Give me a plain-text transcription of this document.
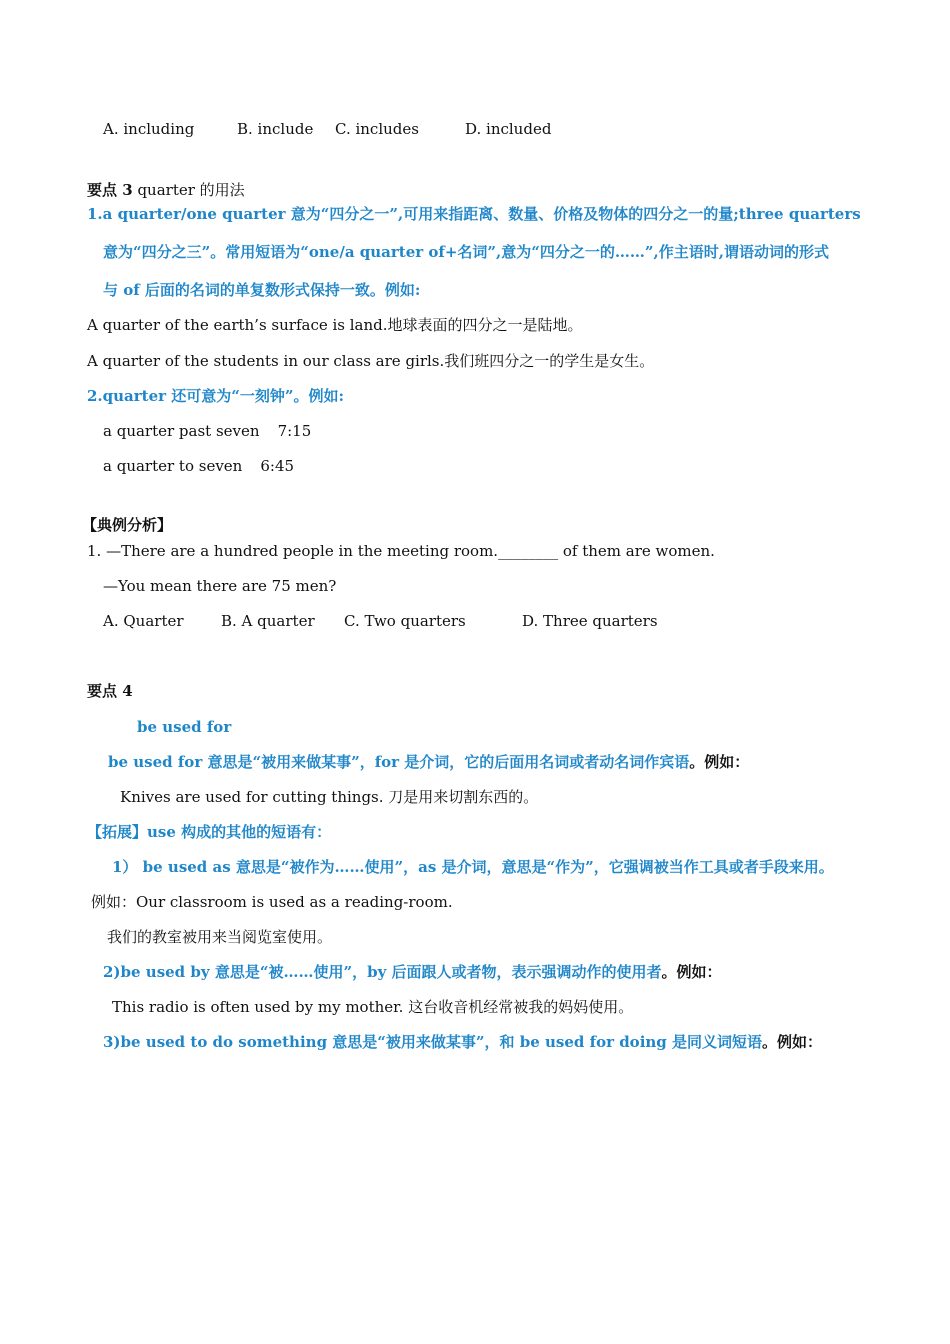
A. including	B. include C. includes	D. included
要点 3 quarter 的用法
1.a quarter/one quarter 意为“四分之一”,可用来指距离、数量、价格及物体的四分之一的量;three quarters
意为“四分之三”。常用短语为“one/a quarter of+名词”,意为“四分之一的……”,作主语时,谓语动词的形式
与 of 后面的名词的单复数形式保持一致。例如:
A quarter of the earth’s surface is land.地球表面的四分之一是陆地。
A quarter of the students in our class are girls.我们班四分之一的学生是女生。
2.quarter 还可意为“一刻钟”。例如:
a quarter past seven 7:15
a quarter to seven 6:45
【典例分析】
1. —There are a hundred people in the meeting room.________ of them are women.
—You mean there are 75 men?
A. Quarter B. A quarter C. Two quarters	D. Three quarters
要点 4
be used for
be used for 意思是“被用来做某事”，for 是介词，它的后面用名词或者动名词作宾语。例如：
Knives are used for cutting things. 刀是用来切割东西的。
【拓展】use 构成的其他的短语有：
1） be used as 意思是“被作为……使用”，as 是介词，意思是“作为”，它强调被当作工具或者手段来用。
例如：Our classroom is used as a reading-room.
我们的教室被用来当阅览室使用。
2)be used by 意思是“被……使用”，by 后面跟人或者物，表示强调动作的使用者。例如：
This radio is often used by my mother. 这台收音机经常被我的妈妈使用。
3)be used to do something 意思是“被用来做某事”，和 be used for doing 是同义词短语。例如：
